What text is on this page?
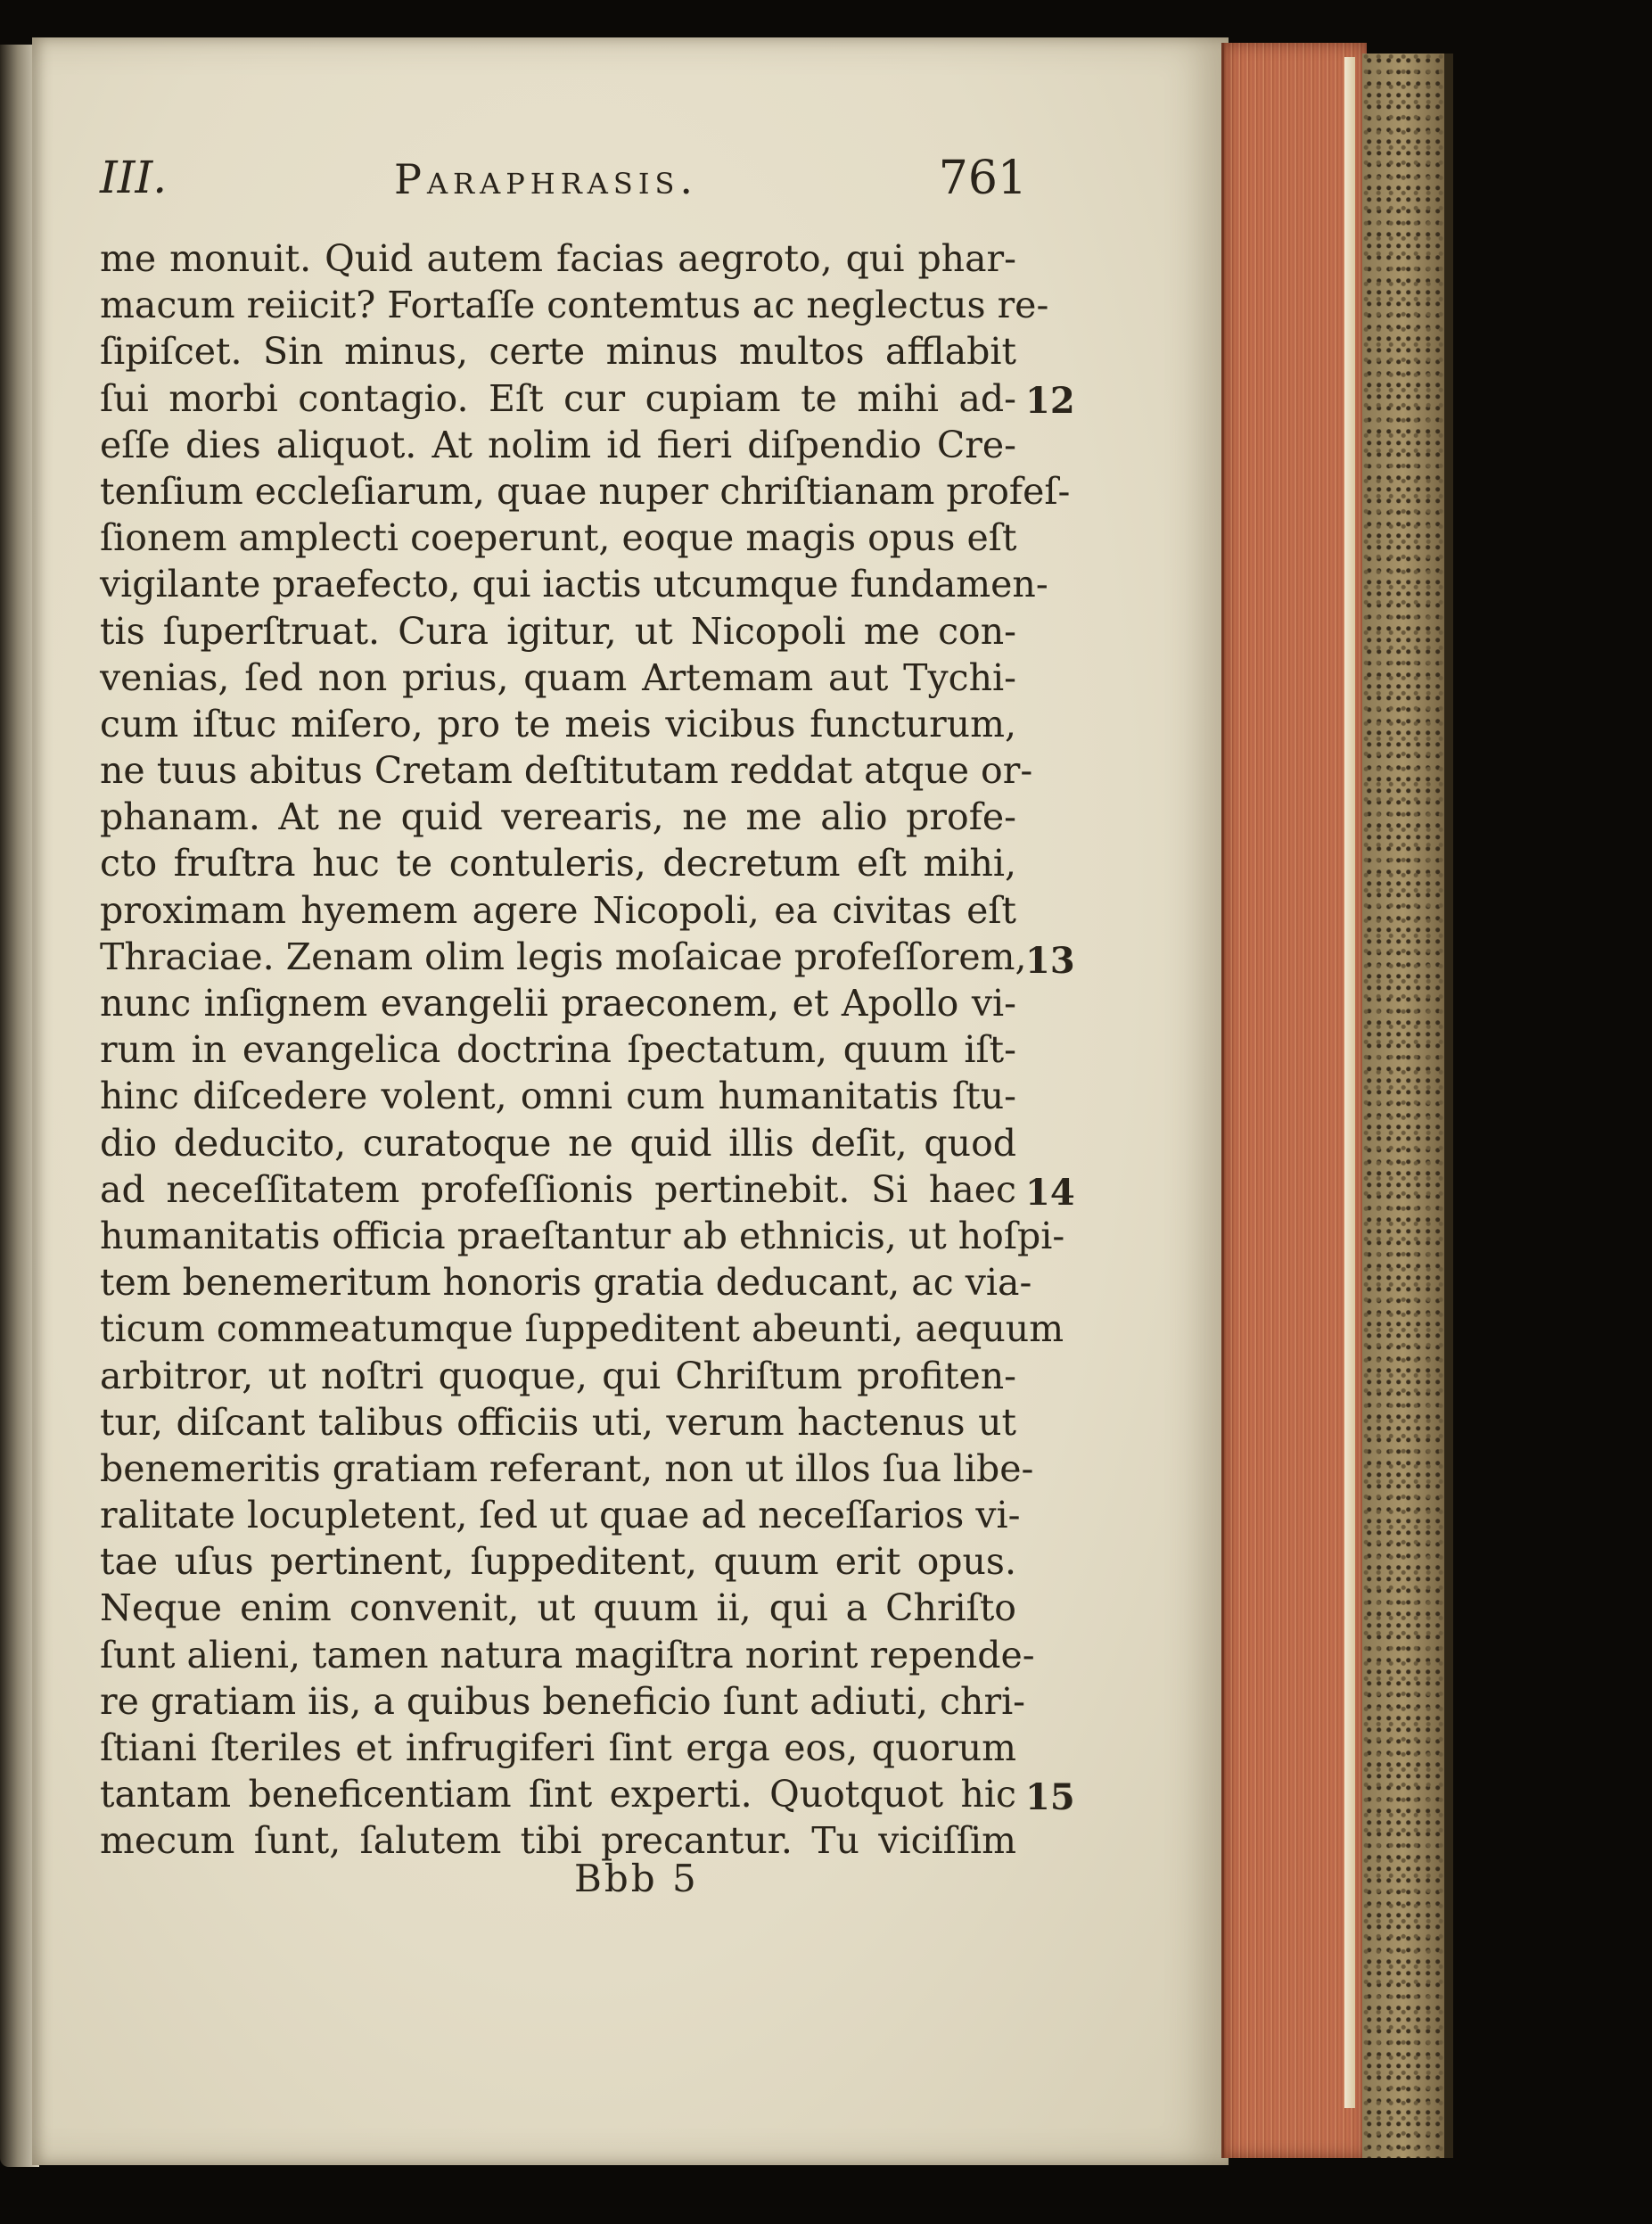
III.	Paraphrasis.	761
me monuit. Quid autem facias aegroto, qui phar-
macum reiicit? Fortaſſe contemtus ac neglectus re-
ſipiſcet. Sin minus, certe minus multos afflabit
ſui morbi contagio. Eſt cur cupiam te mihi ad-
eſſe dies aliquot. At nolim id fieri diſpendio Cre-
tenſium eccleſiarum, quae nuper chriſtianam profeſ-
ſionem amplecti coeperunt, eoque magis opus eſt
vigilante praefecto, qui iactis utcumque fundamen-
tis ſuperſtruat. Cura igitur, ut Nicopoli me con-
venias, ſed non prius, quam Artemam aut Tychi-
cum iſtuc miſero, pro te meis vicibus functurum,
ne tuus abitus Cretam deſtitutam reddat atque or-
phanam. At ne quid verearis, ne me alio profe-
cto fruſtra huc te contuleris, decretum eſt mihi,
proximam hyemem agere Nicopoli, ea civitas eſt
Thraciae. Zenam olim legis moſaicae profeſſorem,
nunc inſignem evangelii praeconem, et Apollo vi-
rum in evangelica doctrina ſpectatum, quum iſt-
hinc diſcedere volent, omni cum humanitatis ſtu-
dio deducito, curatoque ne quid illis deſit, quod
ad neceſſitatem profeſſionis pertinebit. Si haec
humanitatis officia praeſtantur ab ethnicis, ut hoſpi-
tem benemeritum honoris gratia deducant, ac via-
ticum commeatumque ſuppeditent abeunti, aequum
arbitror, ut noſtri quoque, qui Chriſtum profiten-
tur, diſcant talibus officiis uti, verum hactenus ut
benemeritis gratiam referant, non ut illos ſua libe-
ralitate locupletent, ſed ut quae ad neceſſarios vi-
tae uſus pertinent, ſuppeditent, quum erit opus.
Neque enim convenit, ut quum ii, qui a Chriſto
ſunt alieni, tamen natura magiſtra norint repende-
re gratiam iis, a quibus beneficio ſunt adiuti, chri-
ſtiani ſteriles et infrugiferi ſint erga eos, quorum
tantam beneficentiam ſint experti. Quotquot hic
mecum ſunt, ſalutem tibi precantur. Tu viciſſim
12
13
14
15
Bbb 5
